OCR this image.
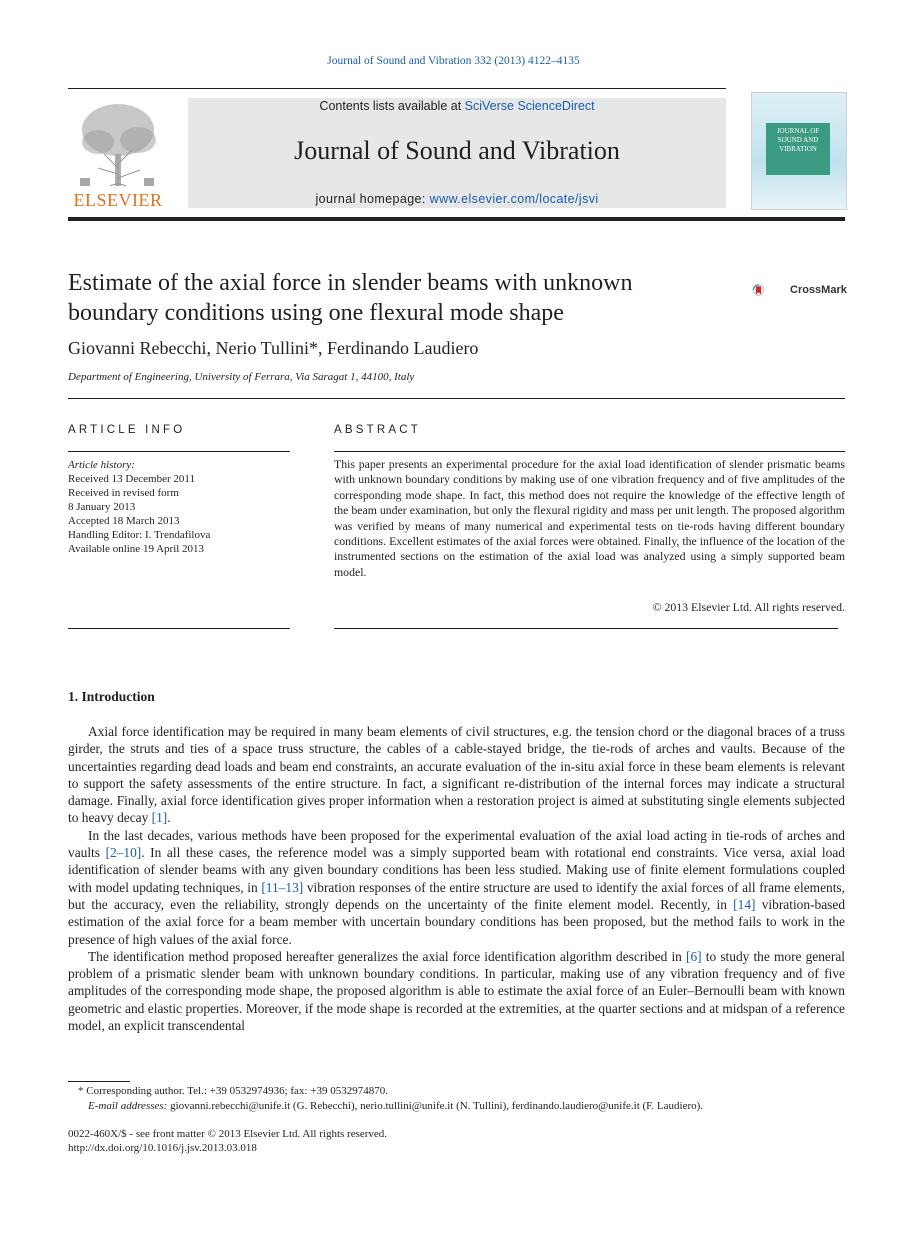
Journal of Sound and Vibration 332 (2013) 4122–4135
ELSEVIER
Contents lists available at SciVerse ScienceDirect
Journal of Sound and Vibration
journal homepage: www.elsevier.com/locate/jsvi
JOURNAL OF SOUND AND VIBRATION
Estimate of the axial force in slender beams with unknown boundary conditions using one flexural mode shape
CrossMark
Giovanni Rebecchi, Nerio Tullini*, Ferdinando Laudiero
Department of Engineering, University of Ferrara, Via Saragat 1, 44100, Italy
ARTICLE INFO	ABSTRACT
Article history:
Received 13 December 2011
Received in revised form
8 January 2013
Accepted 18 March 2013
Handling Editor: I. Trendafilova
Available online 19 April 2013
This paper presents an experimental procedure for the axial load identification of slender prismatic beams with unknown boundary conditions by making use of one vibration frequency and of five amplitudes of the corresponding mode shape. In fact, this method does not require the knowledge of the effective length of the beam under examination, but only the flexural rigidity and mass per unit length. The proposed algorithm was verified by means of many numerical and experimental tests on tie-rods having different boundary conditions. Excellent estimates of the axial forces were obtained. Finally, the influence of the location of the instrumented sections on the estimation of the axial load was analyzed using a simply supported beam model.
© 2013 Elsevier Ltd. All rights reserved.
1. Introduction

Axial force identification may be required in many beam elements of civil structures, e.g. the tension chord or the diagonal braces of a truss girder, the struts and ties of a space truss structure, the cables of a cable-stayed bridge, the tie-rods of arches and vaults. Because of the uncertainties regarding dead loads and beam end constraints, an accurate evaluation of the in-situ axial force in these beam elements is relevant to support the safety assessments of the entire structure. In fact, a significant re-distribution of the internal forces may indicate a structural damage. Finally, axial force identification gives proper information when a restoration project is aimed at substituting single elements subjected to heavy decay [1].

In the last decades, various methods have been proposed for the experimental evaluation of the axial load acting in tie-rods of arches and vaults [2–10]. In all these cases, the reference model was a simply supported beam with rotational end constraints. Vice versa, axial load identification of slender beams with any given boundary conditions has been less studied. Making use of finite element formulations coupled with model updating techniques, in [11–13] vibration responses of the entire structure are used to identify the axial forces of all frame elements, but the accuracy, even the reliability, strongly depends on the uncertainty of the finite element model. Recently, in [14] vibration-based estimation of the axial force for a beam member with uncertain boundary conditions has been proposed, but the method fails to work in the presence of high values of the axial force.

The identification method proposed hereafter generalizes the axial force identification algorithm described in [6] to study the more general problem of a prismatic slender beam with unknown boundary conditions. In particular, making use of any vibration frequency and of five amplitudes of the corresponding mode shape, the proposed algorithm is able to estimate the axial force of an Euler–Bernoulli beam with known geometric and elastic properties. Moreover, if the mode shape is recorded at the extremities, at the quarter sections and at midspan of a reference model, an explicit transcendental

* Corresponding author. Tel.: +39 0532974936; fax: +39 0532974870.
E-mail addresses: giovanni.rebecchi@unife.it (G. Rebecchi), nerio.tullini@unife.it (N. Tullini), ferdinando.laudiero@unife.it (F. Laudiero).
0022-460X/$ - see front matter © 2013 Elsevier Ltd. All rights reserved.
http://dx.doi.org/10.1016/j.jsv.2013.03.018
